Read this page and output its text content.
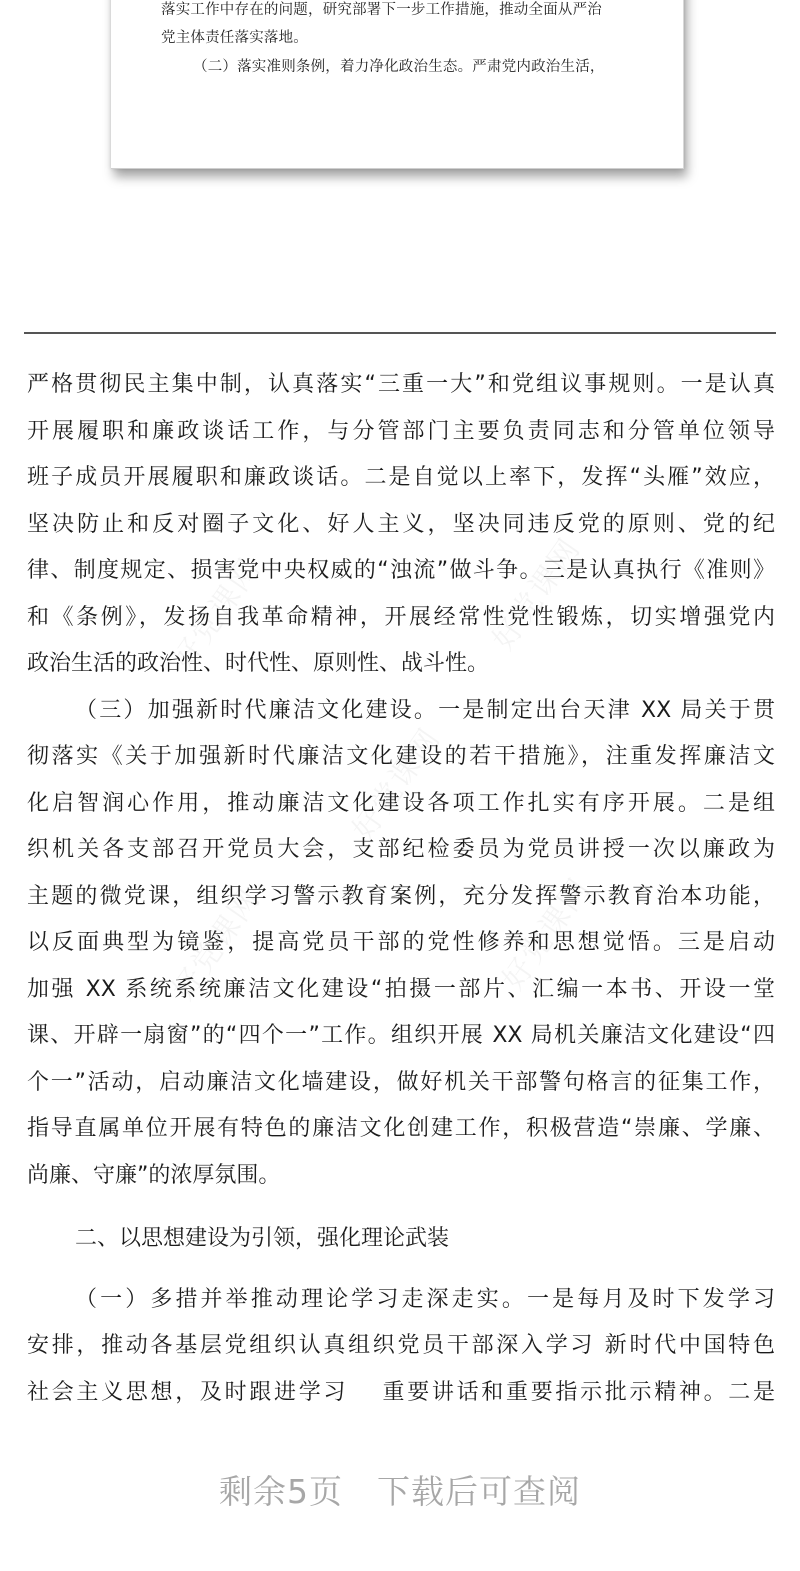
落实工作中存在的问题，研究部署下一步工作措施，推动全面从严治
党主体责任落实落地。
（二）落实准则条例，着力净化政治生态。严肃党内政治生活，
严格贯彻民主集中制，认真落实“三重一大”和党组议事规则。一是认真
开展履职和廉政谈话工作，与分管部门主要负责同志和分管单位领导
班子成员开展履职和廉政谈话。二是自觉以上率下，发挥“头雁”效应，
坚决防止和反对圈子文化、好人主义，坚决同违反党的原则、党的纪
律、制度规定、损害党中央权威的“浊流”做斗争。三是认真执行《准则》
和《条例》，发扬自我革命精神，开展经常性党性锻炼，切实增强党内
政治生活的政治性、时代性、原则性、战斗性。
（三）加强新时代廉洁文化建设。一是制定出台天津 XX 局关于贯
彻落实《关于加强新时代廉洁文化建设的若干措施》，注重发挥廉洁文
化启智润心作用，推动廉洁文化建设各项工作扎实有序开展。二是组
织机关各支部召开党员大会，支部纪检委员为党员讲授一次以廉政为
主题的微党课，组织学习警示教育案例，充分发挥警示教育治本功能，
以反面典型为镜鉴，提高党员干部的党性修养和思想觉悟。三是启动
加强 XX 系统系统廉洁文化建设“拍摄一部片、汇编一本书、开设一堂
课、开辟一扇窗”的“四个一”工作。组织开展 XX 局机关廉洁文化建设“四
个一”活动，启动廉洁文化墙建设，做好机关干部警句格言的征集工作，
指导直属单位开展有特色的廉洁文化创建工作，积极营造“崇廉、学廉、
尚廉、守廉”的浓厚氛围。
二、以思想建设为引领，强化理论武装
（一）多措并举推动理论学习走深走实。一是每月及时下发学习
安排，推动各基层党组织认真组织党员干部深入学习 新时代中国特色
社会主义思想，及时跟进学习　 重要讲话和重要指示批示精神。二是
剩余5页 下载后可查阅
